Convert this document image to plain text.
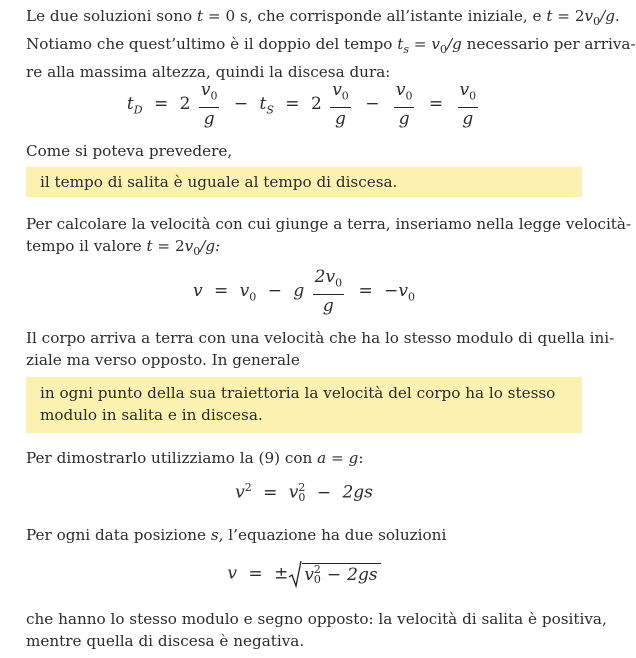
Le due soluzioni sono t = 0 s, che corrisponde all’istante iniziale, e $t = 2v_0/g$.
Notiamo che quest’ultimo è il doppio del tempo $t_s = v_0/g$ necessario per arriva-
re alla massima altezza, quindi la discesa dura:
$t_D = 2 \frac{v_0}{g} - t_S = 2 \frac{v_0}{g} - \frac{v_0}{g} = \frac{v_0}{g}$
Come si poteva prevedere,
il tempo di salita è uguale al tempo di discesa.
Per calcolare la velocità con cui giunge a terra, inseriamo nella legge velocità-
tempo il valore $t = 2v_0/g$:
$v = v_0 - g \frac{2v_0}{g} = -v_0$
Il corpo arriva a terra con una velocità che ha lo stesso modulo di quella ini-
ziale ma verso opposto. In generale
in ogni punto della sua traiettoria la velocità del corpo ha lo stesso
modulo in salita e in discesa.
Per dimostrarlo utilizziamo la (9) con a = g:
$v^2 = v$ 2
0 − 2gs
Per ogni data posizione s, l’equazione ha due soluzioni
v = ± v 2
0 − 2gs
che hanno lo stesso modulo e segno opposto: la velocità di salita è positiva,
mentre quella di discesa è negativa.
